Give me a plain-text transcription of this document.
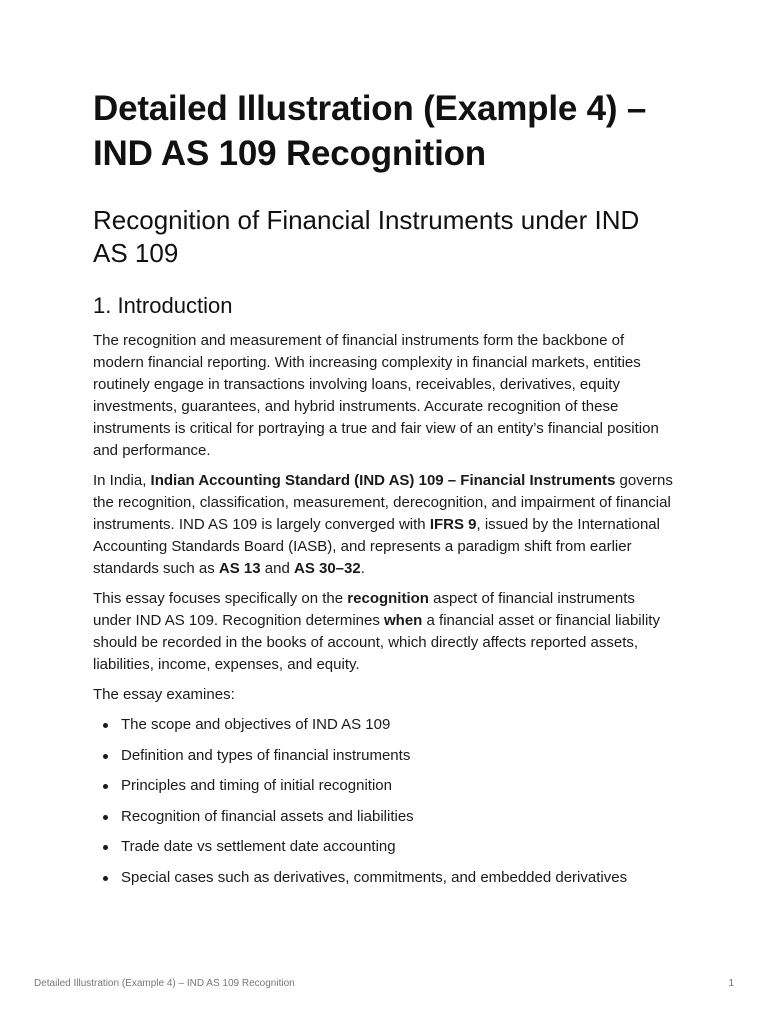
Detailed Illustration (Example 4) – IND AS 109 Recognition
Recognition of Financial Instruments under IND AS 109
1. Introduction

The recognition and measurement of financial instruments form the backbone of modern financial reporting. With increasing complexity in financial markets, entities routinely engage in transactions involving loans, receivables, derivatives, equity investments, guarantees, and hybrid instruments. Accurate recognition of these instruments is critical for portraying a true and fair view of an entity’s financial position and performance.

In India, Indian Accounting Standard (IND AS) 109 – Financial Instruments governs the recognition, classification, measurement, derecognition, and impairment of financial instruments. IND AS 109 is largely converged with IFRS 9, issued by the International Accounting Standards Board (IASB), and represents a paradigm shift from earlier standards such as AS 13 and AS 30–32.

This essay focuses specifically on the recognition aspect of financial instruments under IND AS 109. Recognition determines when a financial asset or financial liability should be recorded in the books of account, which directly affects reported assets, liabilities, income, expenses, and equity.

The essay examines:

The scope and objectives of IND AS 109
Definition and types of financial instruments
Principles and timing of initial recognition
Recognition of financial assets and liabilities
Trade date vs settlement date accounting
Special cases such as derivatives, commitments, and embedded derivatives
Detailed Illustration (Example 4) – IND AS 109 Recognition	1
